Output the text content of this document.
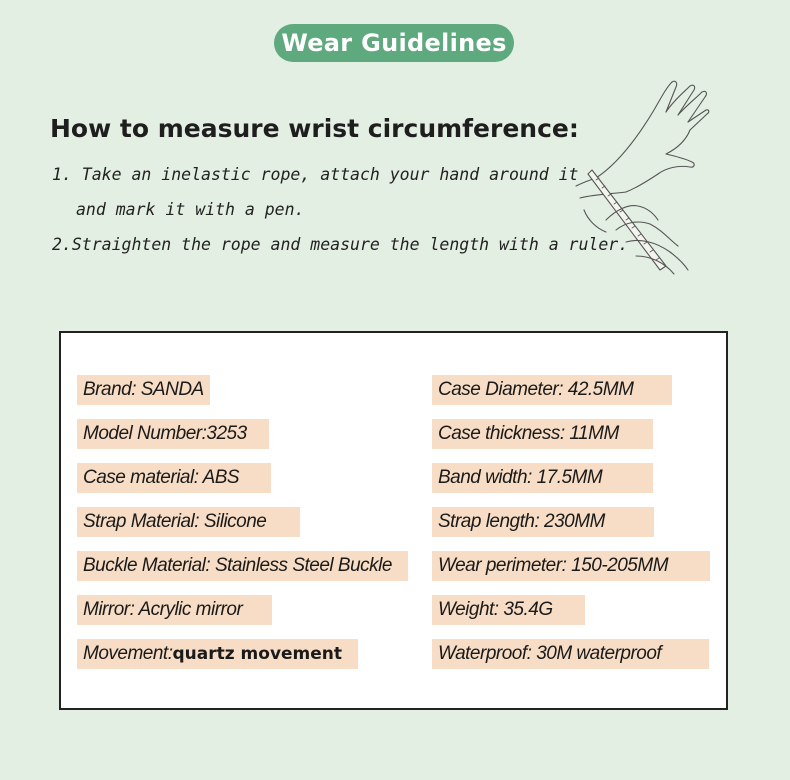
Wear Guidelines
How to measure wrist circumference:
1. Take an inelastic rope, attach your hand around it
and mark it with a pen.
2.Straighten the rope and measure the length with a ruler.
Brand: SANDA
Model Number:3253
Case material: ABS
Strap Material: Silicone
Buckle Material: Stainless Steel Buckle
Mirror: Acrylic mirror
Movement: quartz movement
Case Diameter: 42.5MM
Case thickness: 11MM
Band width: 17.5MM
Strap length: 230MM
Wear perimeter: 150-205MM
Weight: 35.4G
Waterproof: 30M waterproof
